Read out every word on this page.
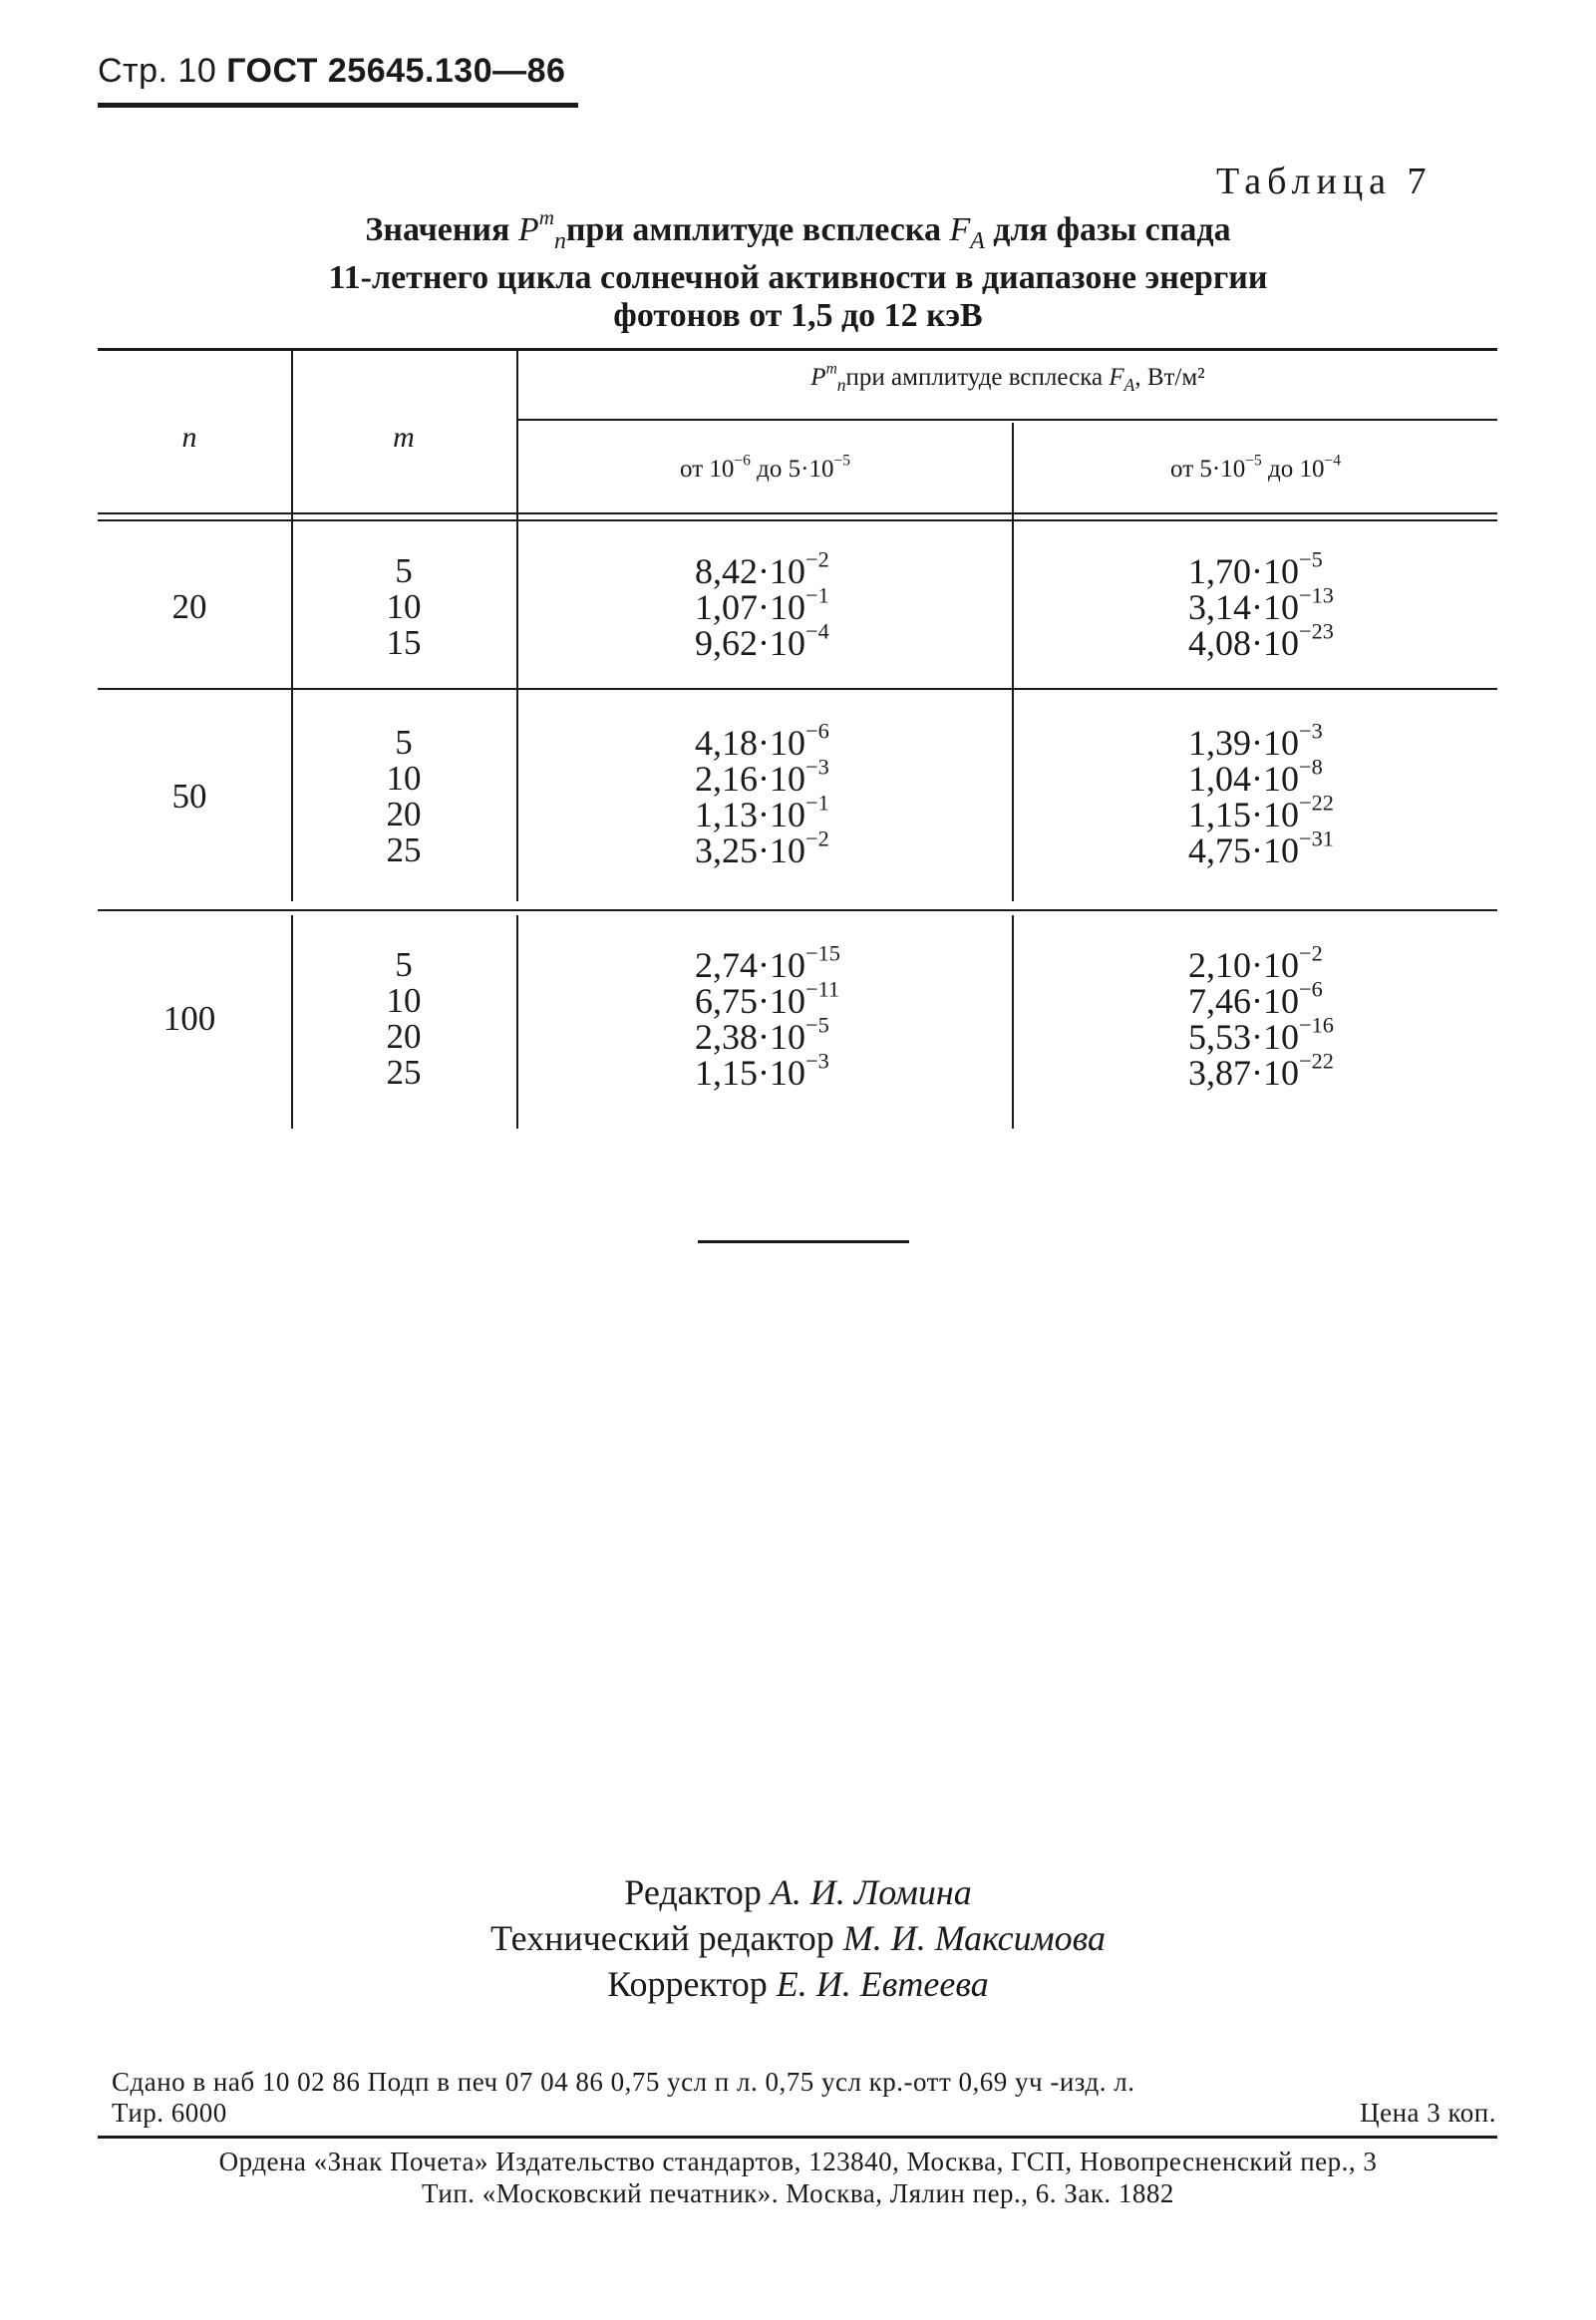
Стр. 10 ГОСТ 25645.130—86
Таблица 7
Значения $P^m_nпри$ амплитуде всплеска $F_A$ для фазы спада
11-летнего цикла солнечной активности в диапазоне энергии
фотонов от 1,5 до 12 кэВ
n	m
$P^m_nпри$ амплитуде всплеска $F_A$, Вт/м²
от $10^{-6}$ до $5\cdot 10^{-5}$	от $5\cdot 10^{-5}$ до $10^{-4}$
20
5	$8,42\cdot 10^{-2}$	$1,70\cdot 10^{-5}$
10	$1,07\cdot 10^{-1}$	$3,14\cdot 10^{-13}$
15	$9,62\cdot 10^{-4}$	$4,08\cdot 10^{-23}$
50
5	$4,18\cdot 10^{-6}$	$1,39\cdot 10^{-3}$
10	$2,16\cdot 10^{-3}$	$1,04\cdot 10^{-8}$
20	$1,13\cdot 10^{-1}$	$1,15\cdot 10^{-22}$
25	$3,25\cdot 10^{-2}$	$4,75\cdot 10^{-31}$
100
5	$2,74\cdot 10^{-15}$	$2,10\cdot 10^{-2}$
10	$6,75\cdot 10^{-11}$	$7,46\cdot 10^{-6}$
20	$2,38\cdot 10^{-5}$	$5,53\cdot 10^{-16}$
25	$1,15\cdot 10^{-3}$	$3,87\cdot 10^{-22}$
Редактор А. И. Ломина
Технический редактор М. И. Максимова
Корректор Е. И. Евтеева
Сдано в наб 10 02 86 Подп в печ 07 04 86 0,75 усл п л. 0,75 усл кр.-отт 0,69 уч -изд. л.
Тир. 6000	Цена 3 коп.
Ордена «Знак Почета» Издательство стандартов, 123840, Москва, ГСП, Новопресненский пер., 3
Тип. «Московский печатник». Москва, Лялин пер., 6. Зак. 1882
